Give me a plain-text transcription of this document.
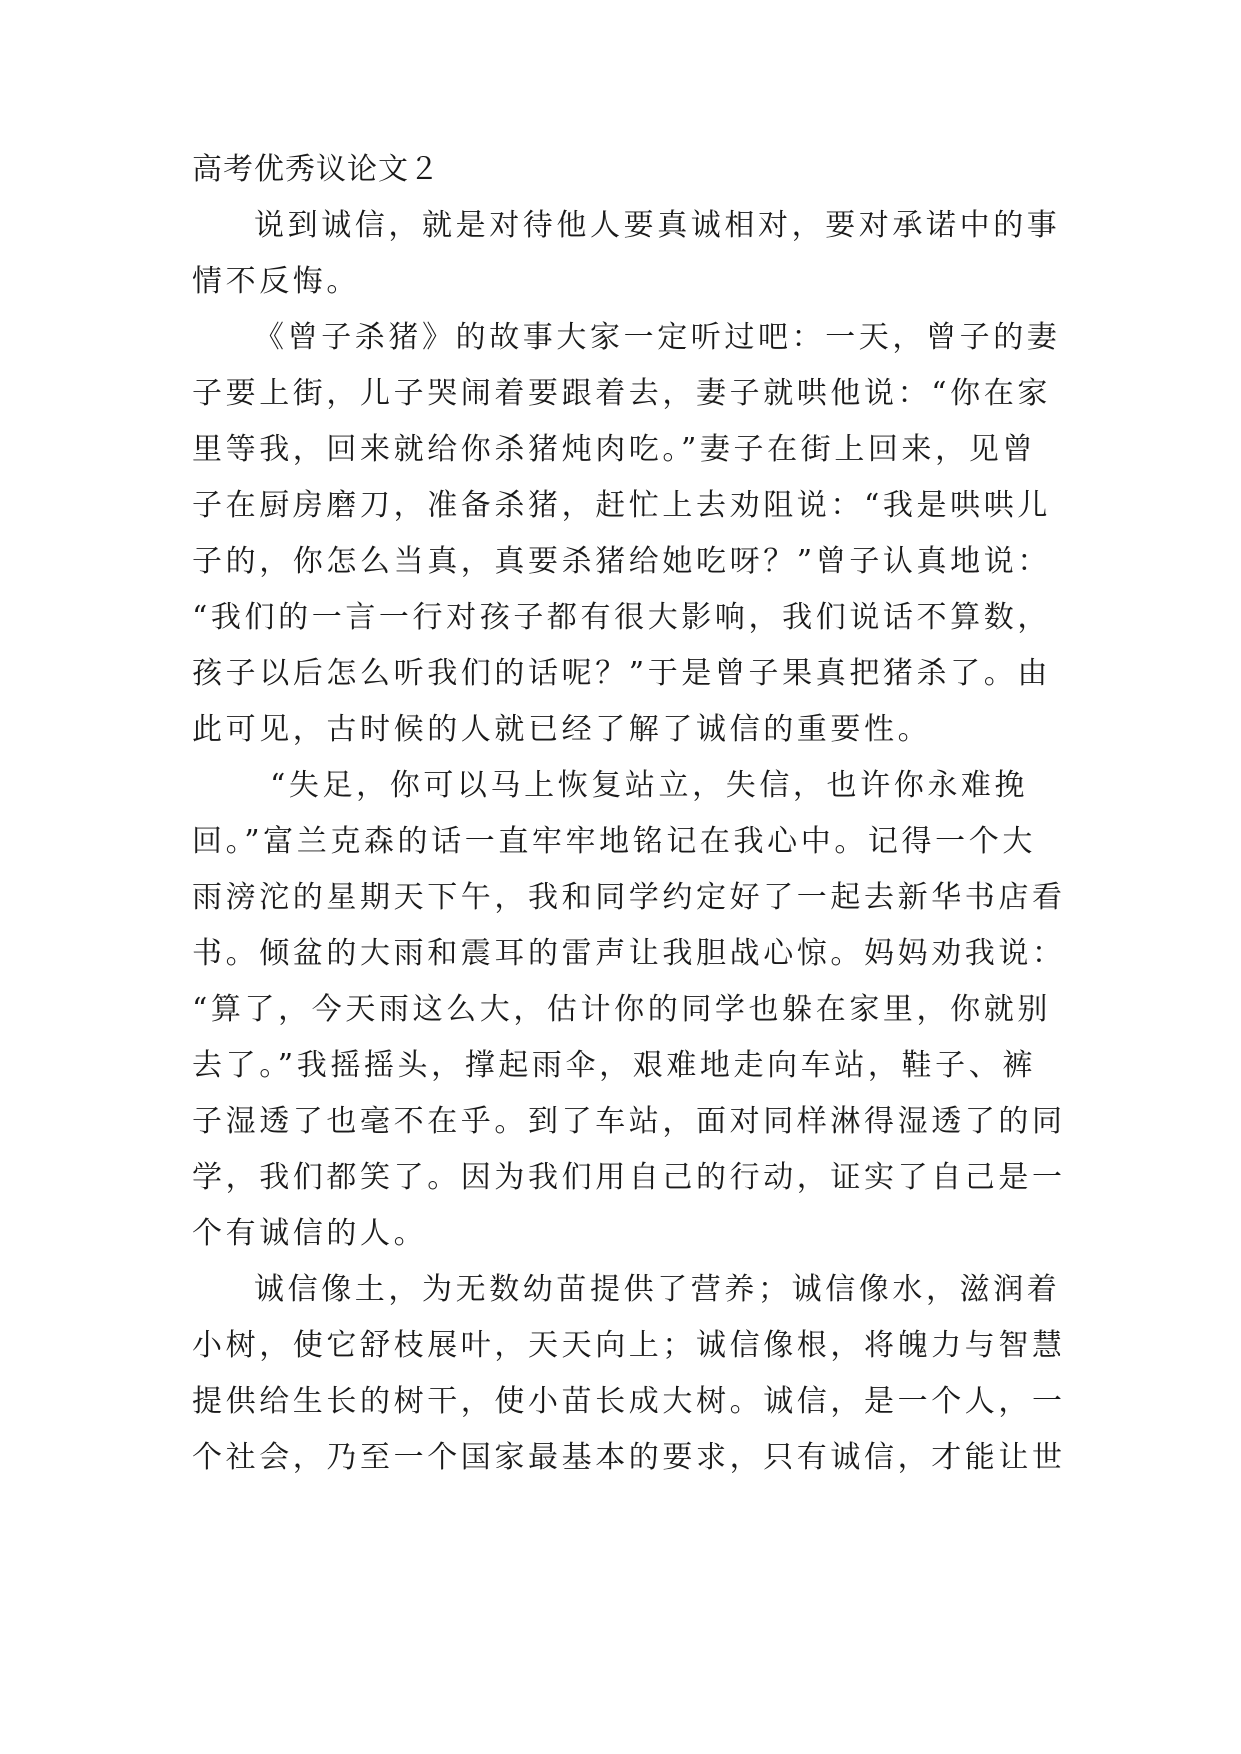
高考优秀议论文２
说到诚信，就是对待他人要真诚相对，要对承诺中的事
情不反悔。
《曾子杀猪》的故事大家一定听过吧：一天，曾子的妻
子要上街，儿子哭闹着要跟着去，妻子就哄他说：“你在家
里等我，回来就给你杀猪炖肉吃。”妻子在街上回来，见曾
子在厨房磨刀，准备杀猪，赶忙上去劝阻说：“我是哄哄儿
子的，你怎么当真，真要杀猪给她吃呀？”曾子认真地说：
“我们的一言一行对孩子都有很大影响，我们说话不算数，
孩子以后怎么听我们的话呢？”于是曾子果真把猪杀了。由
此可见，古时候的人就已经了解了诚信的重要性。
“失足，你可以马上恢复站立，失信，也许你永难挽
回。”富兰克森的话一直牢牢地铭记在我心中。记得一个大
雨滂沱的星期天下午，我和同学约定好了一起去新华书店看
书。倾盆的大雨和震耳的雷声让我胆战心惊。妈妈劝我说：
“算了，今天雨这么大，估计你的同学也躲在家里，你就别
去了。”我摇摇头，撑起雨伞，艰难地走向车站，鞋子、裤
子湿透了也毫不在乎。到了车站，面对同样淋得湿透了的同
学，我们都笑了。因为我们用自己的行动，证实了自己是一
个有诚信的人。
诚信像土，为无数幼苗提供了营养；诚信像水，滋润着
小树，使它舒枝展叶，天天向上；诚信像根，将魄力与智慧
提供给生长的树干，使小苗长成大树。诚信，是一个人，一
个社会，乃至一个国家最基本的要求，只有诚信，才能让世
